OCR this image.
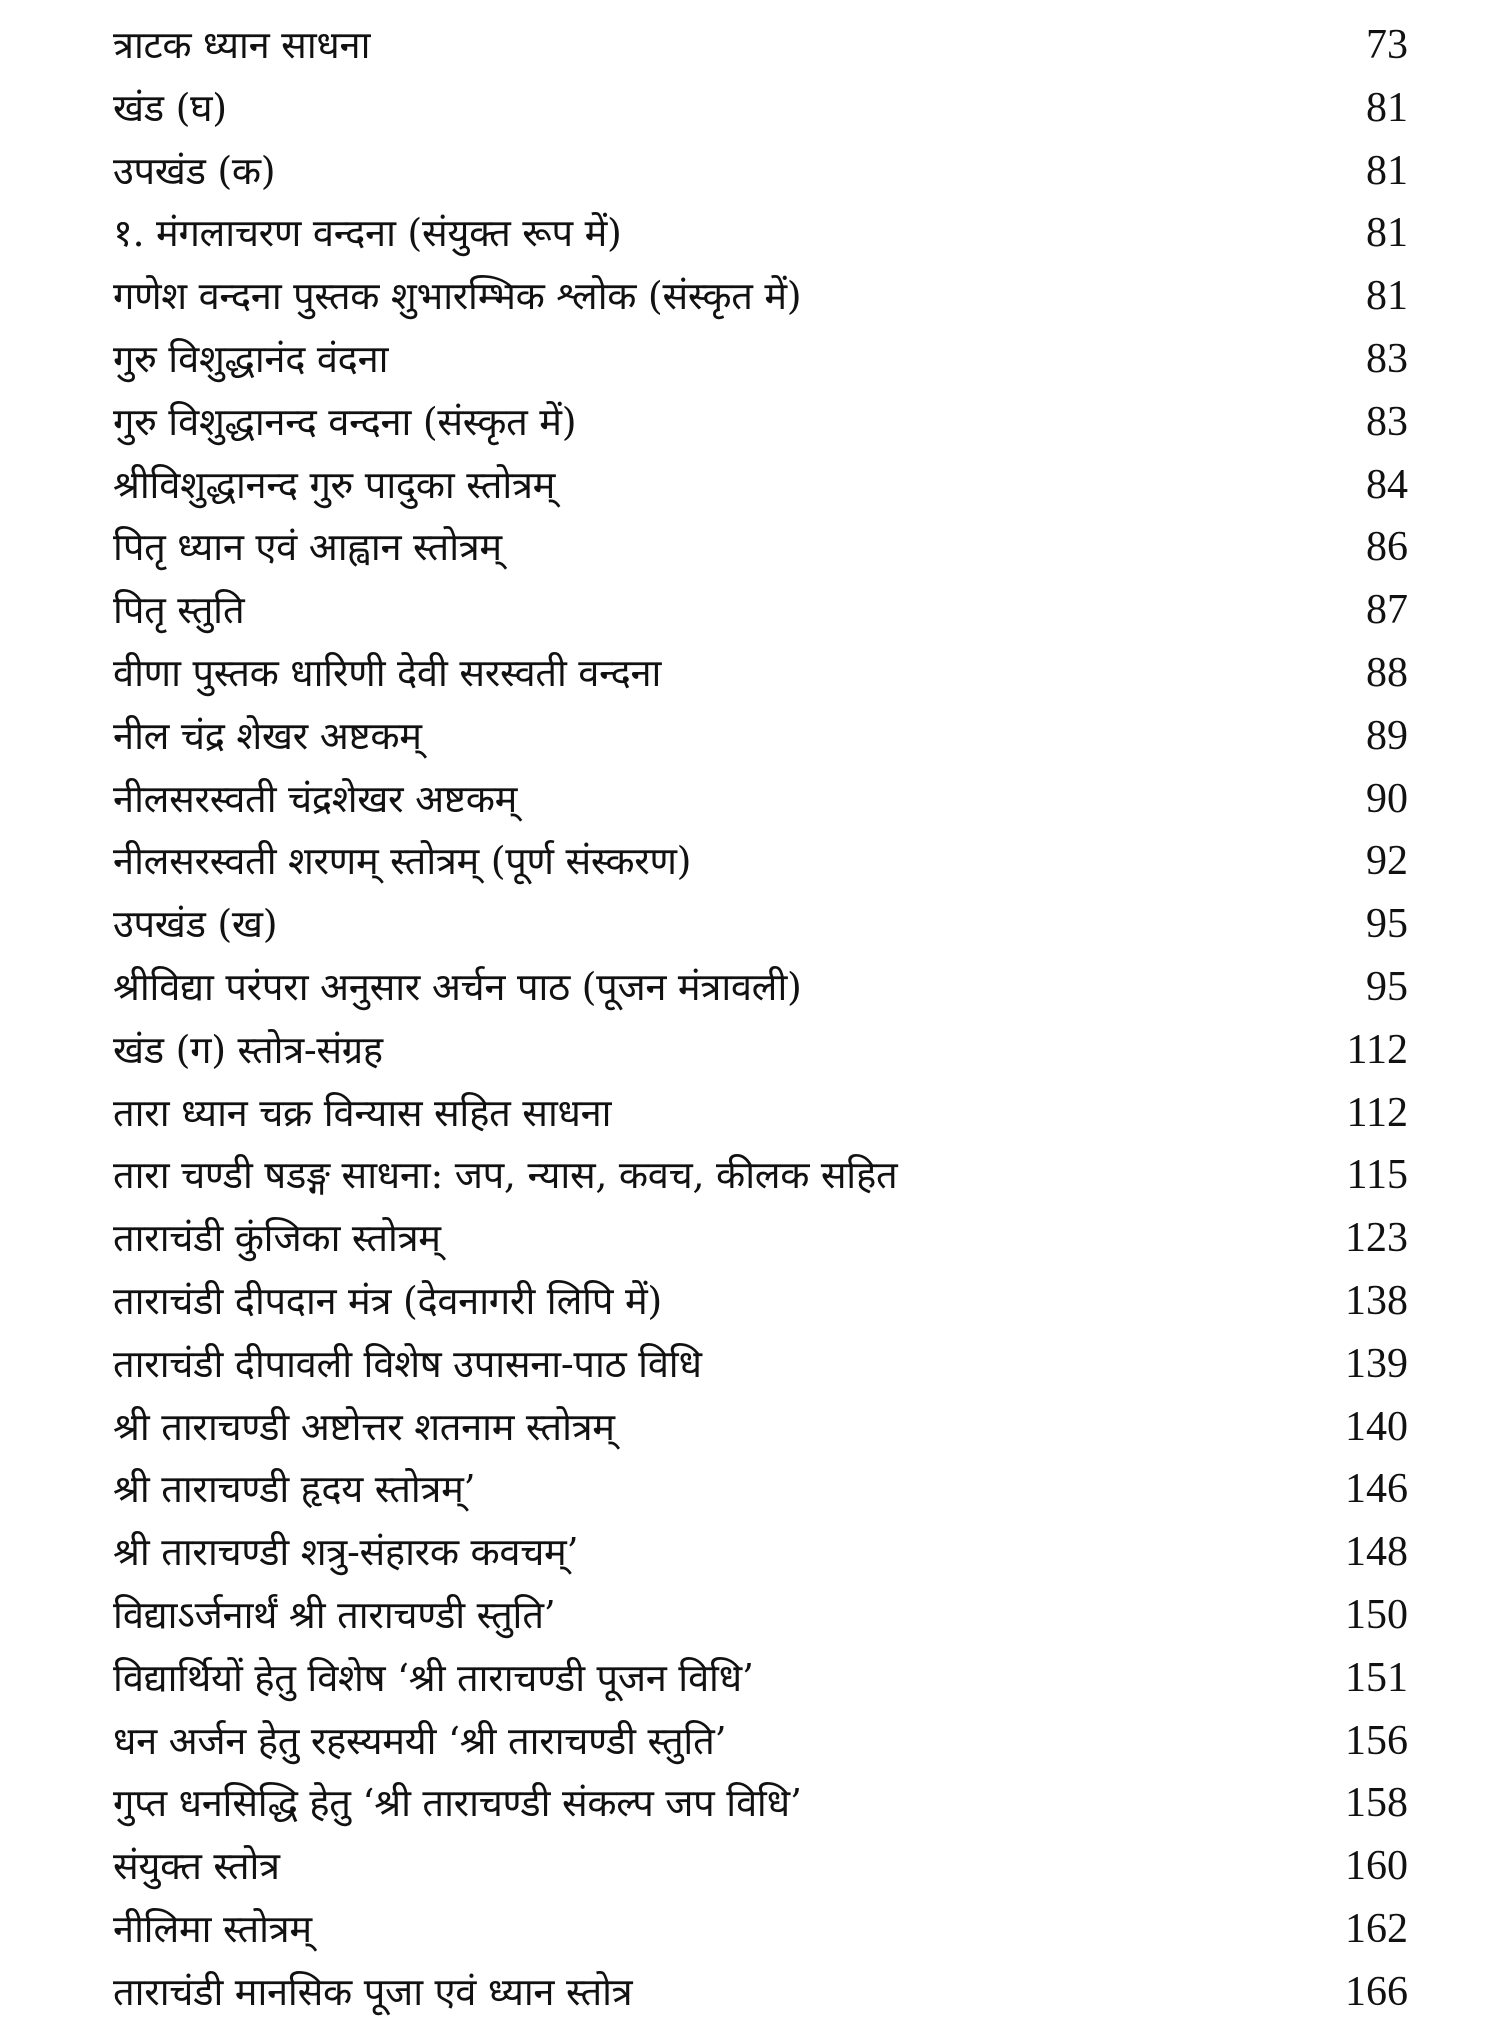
त्राटक ध्यान साधना	73
खंड (घ)	81
उपखंड (क)	81
१. मंगलाचरण वन्दना (संयुक्त रूप में)	81
गणेश वन्दना पुस्तक शुभारम्भिक श्लोक (संस्कृत में)	81
गुरु विशुद्धानंद वंदना	83
गुरु विशुद्धानन्द वन्दना (संस्कृत में)	83
श्रीविशुद्धानन्द गुरु पादुका स्तोत्रम्	84
पितृ ध्यान एवं आह्वान स्तोत्रम्	86
पितृ स्तुति	87
वीणा पुस्तक धारिणी देवी सरस्वती वन्दना	88
नील चंद्र शेखर अष्टकम्	89
नीलसरस्वती चंद्रशेखर अष्टकम्	90
नीलसरस्वती शरणम् स्तोत्रम् (पूर्ण संस्करण)	92
उपखंड (ख)	95
श्रीविद्या परंपरा अनुसार अर्चन पाठ (पूजन मंत्रावली)	95
खंड (ग) स्तोत्र-संग्रह	112
तारा ध्यान चक्र विन्यास सहित साधना	112
तारा चण्डी षडङ्ग साधना: जप, न्यास, कवच, कीलक सहित	115
ताराचंडी कुंजिका स्तोत्रम्	123
ताराचंडी दीपदान मंत्र (देवनागरी लिपि में)	138
ताराचंडी दीपावली विशेष उपासना-पाठ विधि	139
श्री ताराचण्डी अष्टोत्तर शतनाम स्तोत्रम्	140
श्री ताराचण्डी हृदय स्तोत्रम्’	146
श्री ताराचण्डी शत्रु-संहारक कवचम्’	148
विद्याऽर्जनार्थं श्री ताराचण्डी स्तुति’	150
विद्यार्थियों हेतु विशेष ‘श्री ताराचण्डी पूजन विधि’	151
धन अर्जन हेतु रहस्यमयी ‘श्री ताराचण्डी स्तुति’	156
गुप्त धनसिद्धि हेतु ‘श्री ताराचण्डी संकल्प जप विधि’	158
संयुक्त स्तोत्र	160
नीलिमा स्तोत्रम्	162
ताराचंडी मानसिक पूजा एवं ध्यान स्तोत्र	166
